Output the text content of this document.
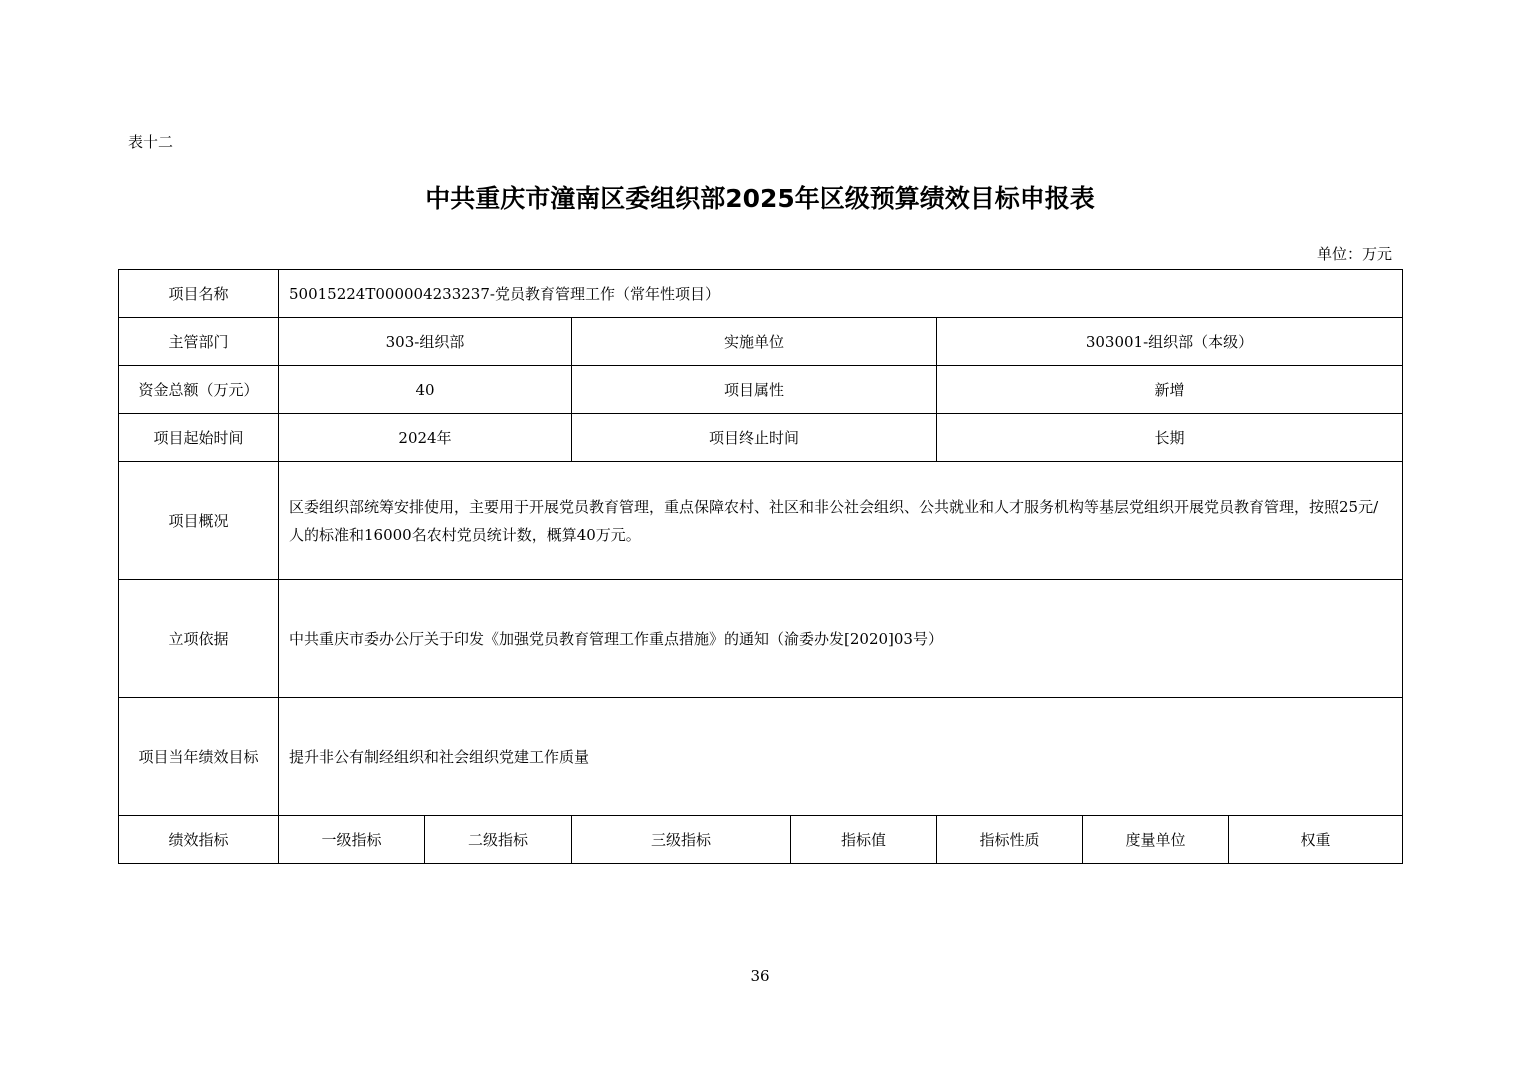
表十二
中共重庆市潼南区委组织部2025年区级预算绩效目标申报表
单位：万元
项目名称	50015224T000004233237-党员教育管理工作（常年性项目）						
主管部门	303-组织部		实施单位		303001-组织部（本级）		
资金总额（万元）	40		项目属性		新增		
项目起始时间	2024年		项目终止时间		长期		
项目概况	区委组织部统筹安排使用，主要用于开展党员教育管理，重点保障农村、社区和非公社会组织、公共就业和人才服务机构等基层党组织开展党员教育管理，按照25元/人的标准和16000名农村党员统计数，概算40万元。						
立项依据	中共重庆市委办公厅关于印发《加强党员教育管理工作重点措施》的通知（渝委办发[2020]03号）						
项目当年绩效目标	提升非公有制经组织和社会组织党建工作质量						
绩效指标	一级指标	二级指标	三级指标	指标值	指标性质	度量单位	权重
36
